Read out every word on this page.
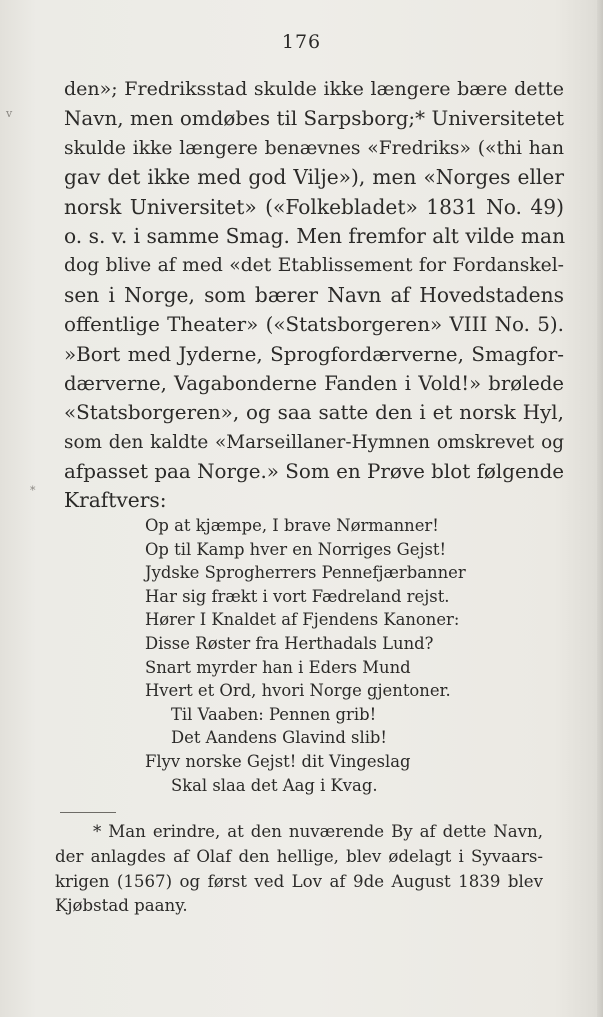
176
v
*
den»; Fredriksstad skulde ikke længere bære dette
Navn, men omdøbes til Sarpsborg;* Universitetet
skulde ikke længere benævnes «Fredriks» («thi han
gav det ikke med god Vilje»), men «Norges eller
norsk Universitet» («Folkebladet» 1831 No. 49)
o. s. v. i samme Smag. Men fremfor alt vilde man
dog blive af med «det Etablissement for Fordanskel-
sen i Norge, som bærer Navn af Hovedstadens
offentlige Theater» («Statsborgeren» VIII No. 5).
»Bort med Jyderne, Sprogfordærverne, Smagfor-
dærverne, Vagabonderne Fanden i Vold!» brølede
«Statsborgeren», og saa satte den i et norsk Hyl,
som den kaldte «Marseillaner-Hymnen omskrevet og
afpasset paa Norge.» Som en Prøve blot følgende
Kraftvers:
Op at kjæmpe, I brave Nørmanner!
Op til Kamp hver en Norriges Gejst!
Jydske Sprogherrers Pennefjærbanner
Har sig frækt i vort Fædreland rejst.
Hører I Knaldet af Fjendens Kanoner:
Disse Røster fra Herthadals Lund?
Snart myrder han i Eders Mund
Hvert et Ord, hvori Norge gjentoner.
Til Vaaben: Pennen grib!
Det Aandens Glavind slib!
Flyv norske Gejst! dit Vingeslag
Skal slaa det Aag i Kvag.
* Man erindre, at den nuværende By af dette Navn,
der anlagdes af Olaf den hellige, blev ødelagt i Syvaars-
krigen (1567) og først ved Lov af 9de August 1839 blev
Kjøbstad paany.
